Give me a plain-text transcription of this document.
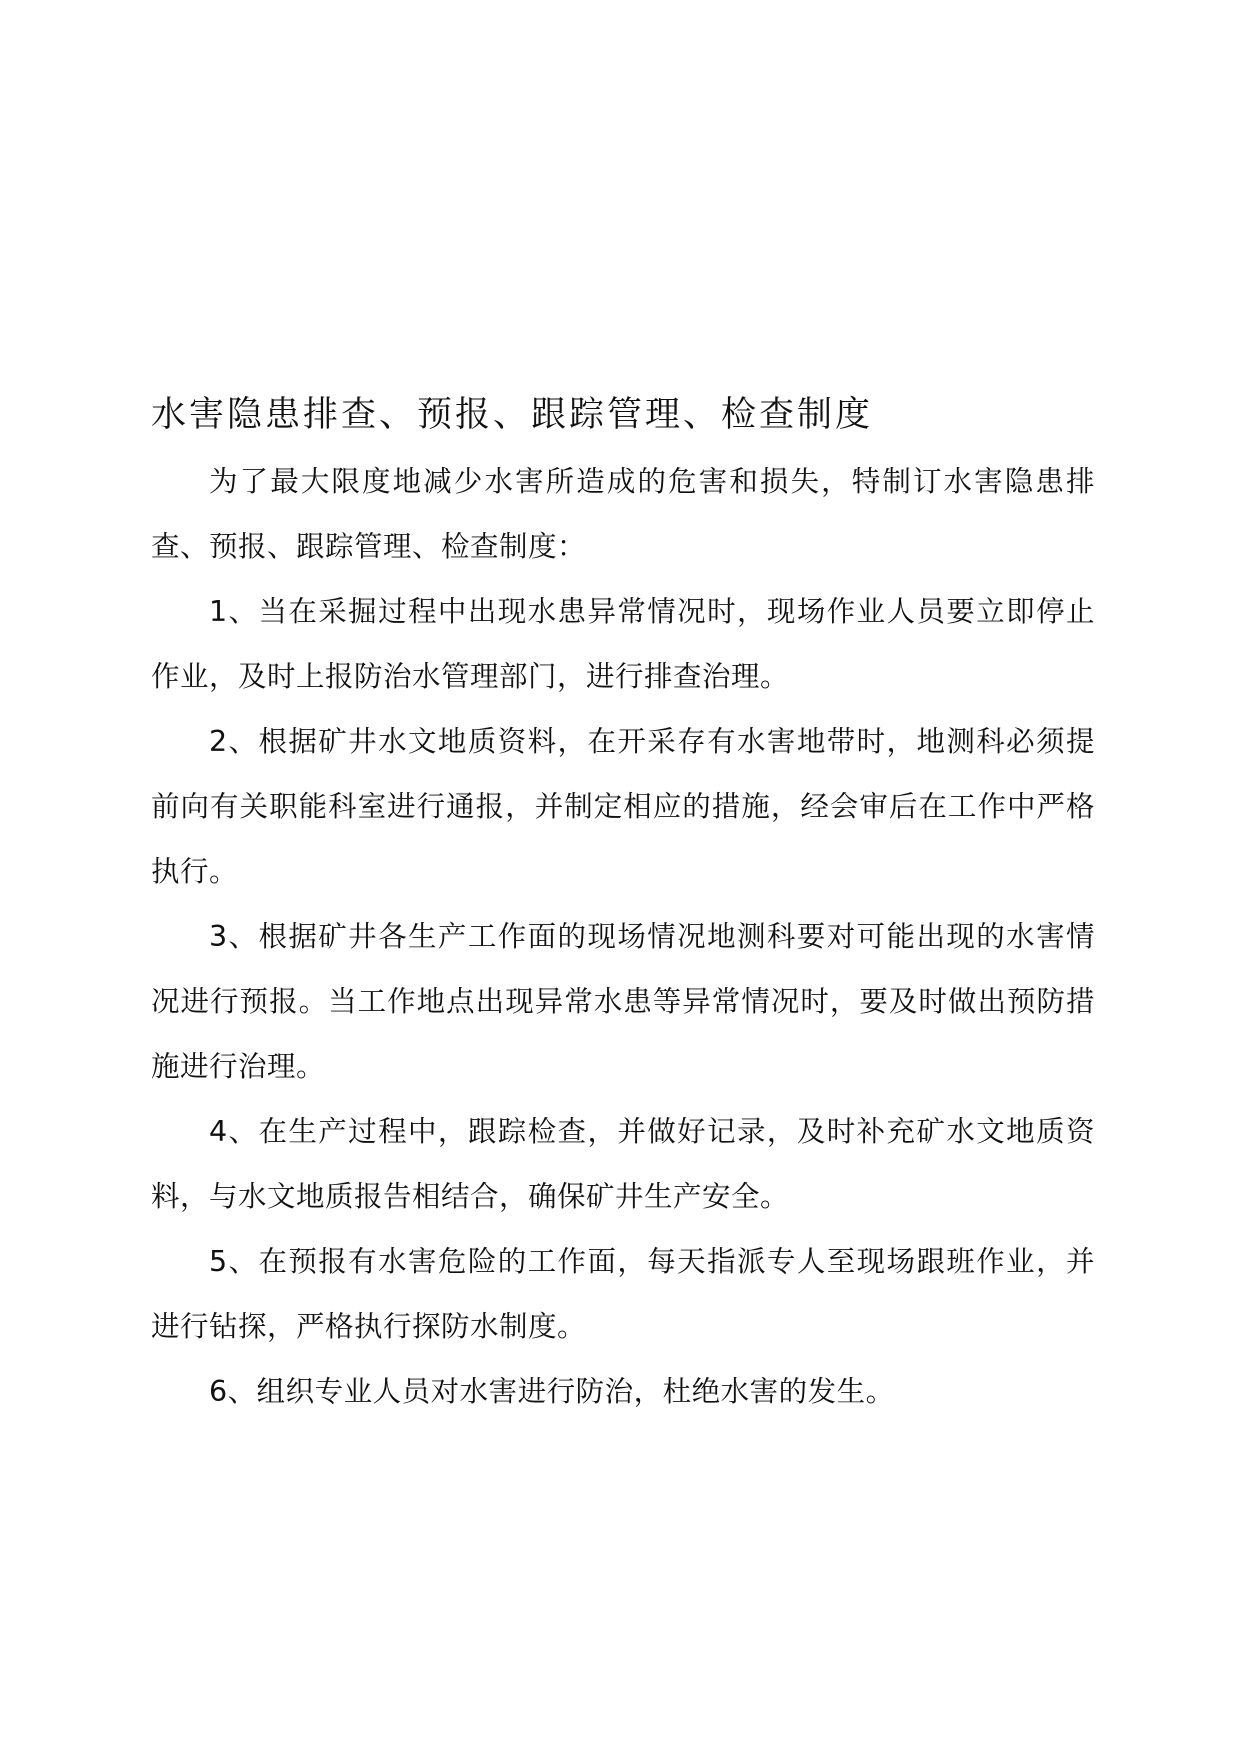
水害隐患排查、预报、跟踪管理、检查制度

为了最大限度地减少水害所造成的危害和损失，特制订水害隐患排查、预报、跟踪管理、检查制度：

1、当在采掘过程中出现水患异常情况时，现场作业人员要立即停止作业，及时上报防治水管理部门，进行排查治理。

2、根据矿井水文地质资料，在开采存有水害地带时，地测科必须提前向有关职能科室进行通报，并制定相应的措施，经会审后在工作中严格执行。

3、根据矿井各生产工作面的现场情况地测科要对可能出现的水害情况进行预报。当工作地点出现异常水患等异常情况时，要及时做出预防措施进行治理。

4、在生产过程中，跟踪检查，并做好记录，及时补充矿水文地质资料，与水文地质报告相结合，确保矿井生产安全。

5、在预报有水害危险的工作面，每天指派专人至现场跟班作业，并进行钻探，严格执行探防水制度。

6、组织专业人员对水害进行防治，杜绝水害的发生。
